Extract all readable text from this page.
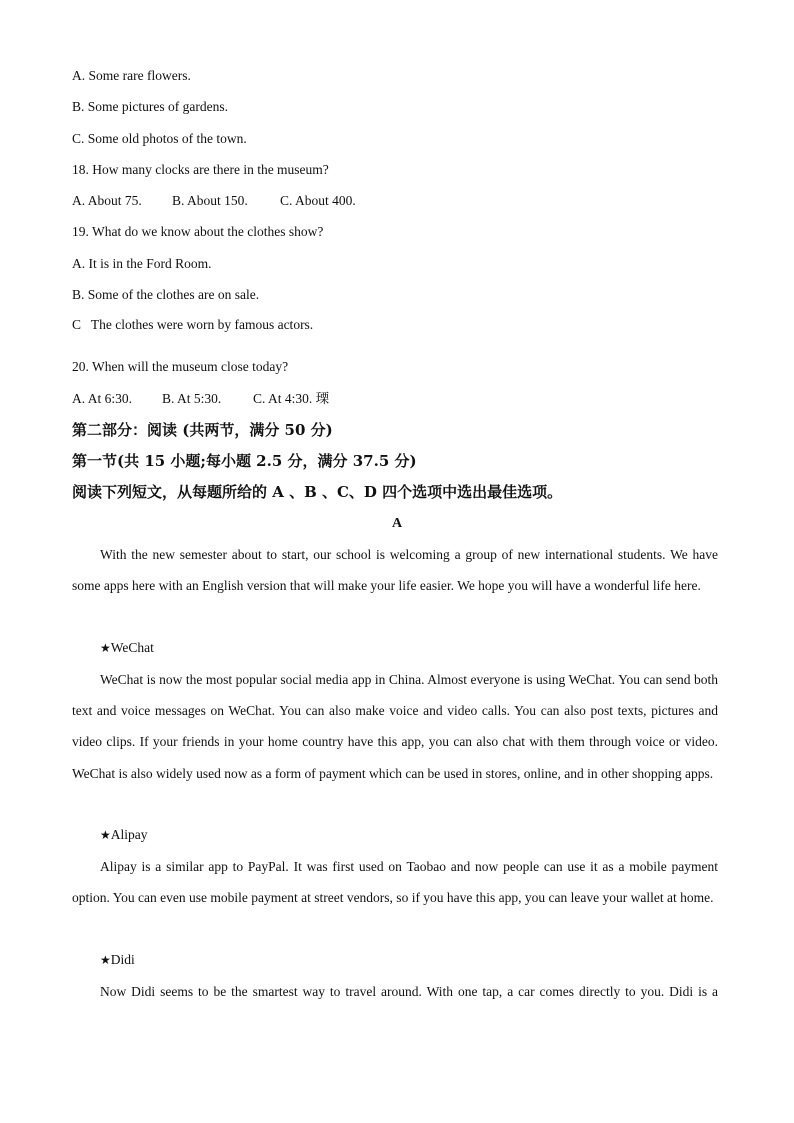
A. Some rare flowers.
B. Some pictures of gardens.
C. Some old photos of the town.
18. How many clocks are there in the museum?
A. About 75. B. About 150. C. About 400.
19. What do we know about the clothes show?
A. It is in the Ford Room.
B. Some of the clothes are on sale.
C   The clothes were worn by famous actors.
20. When will the museum close today?
A. At 6:30. B. At 5:30. C. At 4:30. 瑮
第二部分：阅读 (共两节，满分 50 分)
第一节(共 15 小题;每小题 2.5 分，满分 37.5 分)
阅读下列短文，从每题所给的 A 、B 、C、D 四个选项中选出最佳选项。
A

With the new semester about to start, our school is welcoming a group of new international students. We have some apps here with an English version that will make your life easier. We hope you will have a wonderful life here.

★WeChat

WeChat is now the most popular social media app in China. Almost everyone is using WeChat. You can send both text and voice messages on WeChat. You can also make voice and video calls. You can also post texts, pictures and video clips. If your friends in your home country have this app, you can also chat with them through voice or video. WeChat is also widely used now as a form of payment which can be used in stores, online, and in other shopping apps.

★Alipay

Alipay is a similar app to PayPal. It was first used on Taobao and now people can use it as a mobile payment option. You can even use mobile payment at street vendors, so if you have this app, you can leave your wallet at home.

★Didi

Now Didi seems to be the smartest way to travel around. With one tap, a car comes directly to you. Didi is a
